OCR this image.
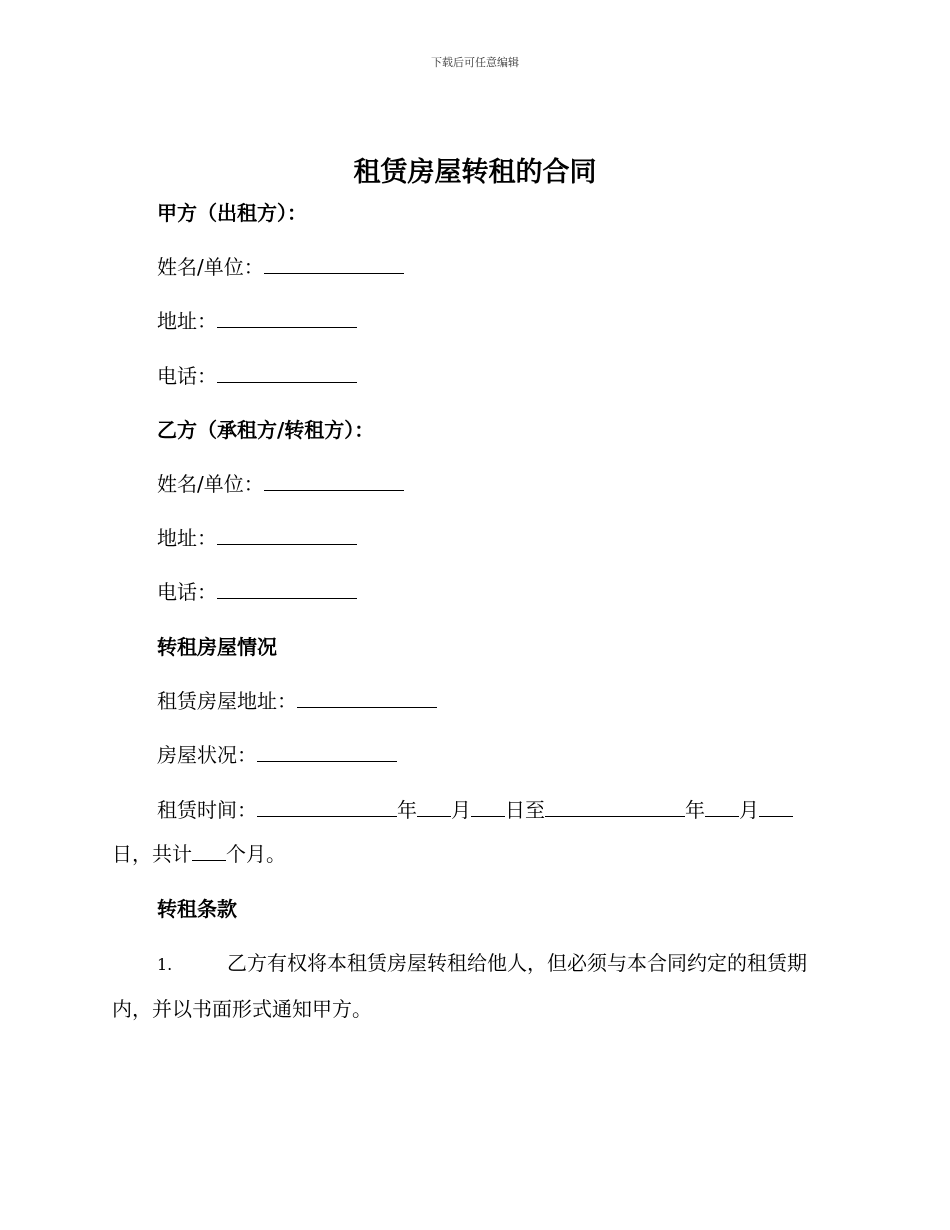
下载后可任意编辑
租赁房屋转租的合同
甲方（出租方）：
姓名/单位：
地址：
电话：
乙方（承租方/转租方）：
姓名/单位：
地址：
电话：
转租房屋情况
租赁房屋地址：
房屋状况：
租赁时间：	年 月 日至	年 月
日，共计 个月。
转租条款
1.	乙方有权将本租赁房屋转租给他人，但必须与本合同约定的租赁期内，并以书面形式通知甲方。
